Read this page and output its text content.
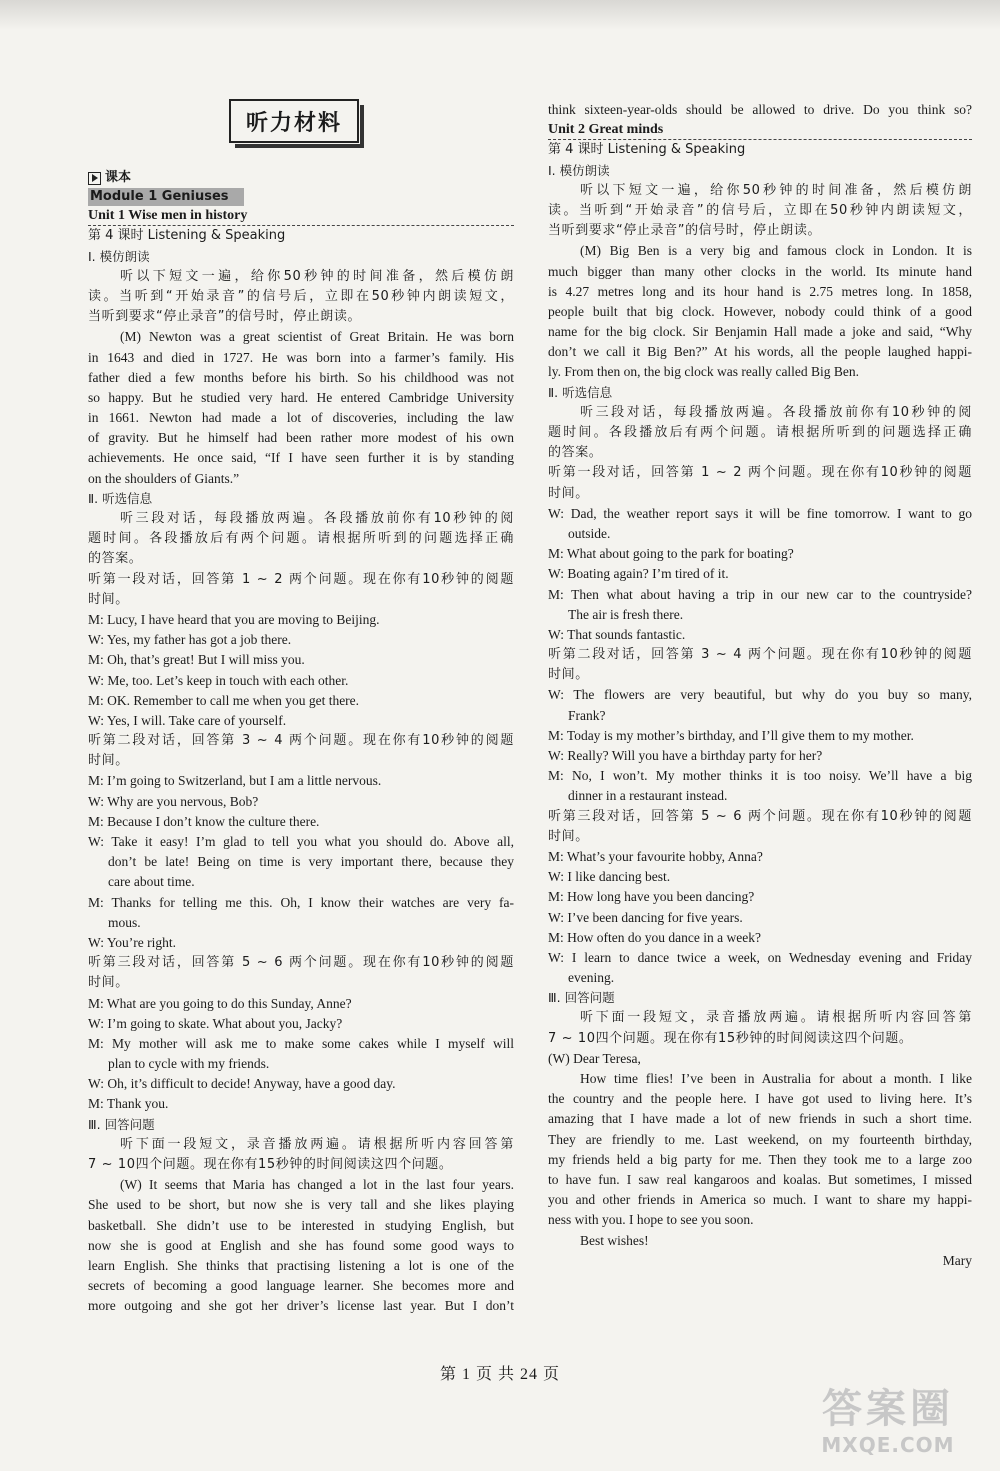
听力材料
课本
Module 1 Geniuses
Unit 1 Wise men in history
第 4 课时 Listening & Speaking
Ⅰ. 模仿朗读
听以下短文一遍，给你50秒钟的时间准备，然后模仿朗
读。当听到“开始录音”的信号后，立即在50秒钟内朗读短文，
当听到要求“停止录音”的信号时，停止朗读。
(M) Newton was a great scientist of Great Britain. He was born
in 1643 and died in 1727. He was born into a farmer’s family. His
father died a few months before his birth. So his childhood was not
so happy. But he studied very hard. He entered Cambridge University
in 1661. Newton had made a lot of discoveries, including the law
of gravity. But he himself had been rather more modest of his own
achievements. He once said, “If I have seen further it is by standing
on the shoulders of Giants.”
Ⅱ. 听选信息
听三段对话，每段播放两遍。各段播放前你有10秒钟的阅
题时间。各段播放后有两个问题。请根据所听到的问题选择正确
的答案。
听第一段对话，回答第 1 ~ 2 两个问题。现在你有10秒钟的阅题
时间。
M: Lucy, I have heard that you are moving to Beijing.
W: Yes, my father has got a job there.
M: Oh, that’s great! But I will miss you.
W: Me, too. Let’s keep in touch with each other.
M: OK. Remember to call me when you get there.
W: Yes, I will. Take care of yourself.
听第二段对话，回答第 3 ~ 4 两个问题。现在你有10秒钟的阅题
时间。
M: I’m going to Switzerland, but I am a little nervous.
W: Why are you nervous, Bob?
M: Because I don’t know the culture there.
W: Take it easy! I’m glad to tell you what you should do. Above all,
don’t be late! Being on time is very important there, because they
care about time.
M: Thanks for telling me this. Oh, I know their watches are very fa-
mous.
W: You’re right.
听第三段对话，回答第 5 ~ 6 两个问题。现在你有10秒钟的阅题
时间。
M: What are you going to do this Sunday, Anne?
W: I’m going to skate. What about you, Jacky?
M: My mother will ask me to make some cakes while I myself will
plan to cycle with my friends.
W: Oh, it’s difficult to decide! Anyway, have a good day.
M: Thank you.
Ⅲ. 回答问题
听下面一段短文，录音播放两遍。请根据所听内容回答第
7 ~ 10四个问题。现在你有15秒钟的时间阅读这四个问题。
(W) It seems that Maria has changed a lot in the last four years.
She used to be short, but now she is very tall and she likes playing
basketball. She didn’t use to be interested in studying English, but
now she is good at English and she has found some good ways to
learn English. She thinks that practising listening a lot is one of the
secrets of becoming a good language learner. She becomes more and
more outgoing and she got her driver’s license last year. But I don’t
think sixteen-year-olds should be allowed to drive. Do you think so?
Unit 2 Great minds
第 4 课时 Listening & Speaking
Ⅰ. 模仿朗读
听以下短文一遍，给你50秒钟的时间准备，然后模仿朗
读。当听到“开始录音”的信号后，立即在50秒钟内朗读短文，
当听到要求“停止录音”的信号时，停止朗读。
(M) Big Ben is a very big and famous clock in London. It is
much bigger than many other clocks in the world. Its minute hand
is 4.27 metres long and its hour hand is 2.75 metres long. In 1858,
people built that big clock. However, nobody could think of a good
name for the big clock. Sir Benjamin Hall made a joke and said, “Why
don’t we call it Big Ben?” At his words, all the people laughed happi-
ly. From then on, the big clock was really called Big Ben.
Ⅱ. 听选信息
听三段对话，每段播放两遍。各段播放前你有10秒钟的阅
题时间。各段播放后有两个问题。请根据所听到的问题选择正确
的答案。
听第一段对话，回答第 1 ~ 2 两个问题。现在你有10秒钟的阅题
时间。
W: Dad, the weather report says it will be fine tomorrow. I want to go
outside.
M: What about going to the park for boating?
W: Boating again? I’m tired of it.
M: Then what about having a trip in our new car to the countryside?
The air is fresh there.
W: That sounds fantastic.
听第二段对话，回答第 3 ~ 4 两个问题。现在你有10秒钟的阅题
时间。
W: The flowers are very beautiful, but why do you buy so many,
Frank?
M: Today is my mother’s birthday, and I’ll give them to my mother.
W: Really? Will you have a birthday party for her?
M: No, I won’t. My mother thinks it is too noisy. We’ll have a big
dinner in a restaurant instead.
听第三段对话，回答第 5 ~ 6 两个问题。现在你有10秒钟的阅题
时间。
M: What’s your favourite hobby, Anna?
W: I like dancing best.
M: How long have you been dancing?
W: I’ve been dancing for five years.
M: How often do you dance in a week?
W: I learn to dance twice a week, on Wednesday evening and Friday
evening.
Ⅲ. 回答问题
听下面一段短文，录音播放两遍。请根据所听内容回答第
7 ~ 10四个问题。现在你有15秒钟的时间阅读这四个问题。
(W) Dear Teresa,
How time flies! I’ve been in Australia for about a month. I like
the country and the people here. I have got used to living here. It’s
amazing that I have made a lot of new friends in such a short time.
They are friendly to me. Last weekend, on my fourteenth birthday,
my friends held a big party for me. Then they took me to a large zoo
to have fun. I saw real kangaroos and koalas. But sometimes, I missed
you and other friends in America so much. I want to share my happi-
ness with you. I hope to see you soon.
Best wishes!
Mary
第 1 页 共 24 页
答案圈
MXQE.COM
